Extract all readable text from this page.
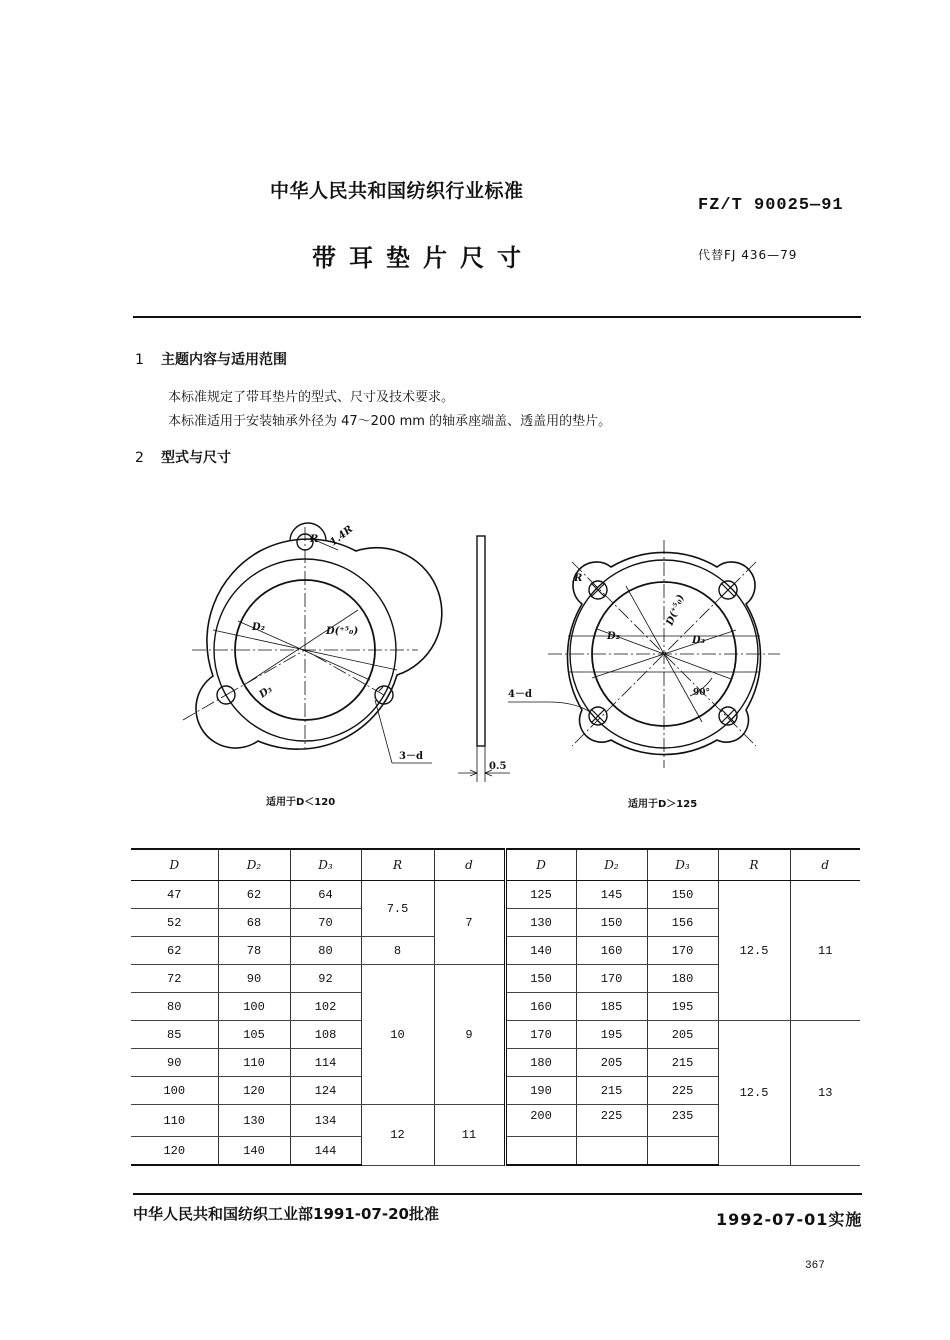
中华人民共和国纺织行业标准
FZ/T 90025—91
带耳垫片尺寸	代替FJ 436—79
1 主题内容与适用范围
本标准规定了带耳垫片的型式、尺寸及技术要求。
本标准适用于安装轴承外径为 47～200 mm 的轴承座端盖、透盖用的垫片。
2 型式与尺寸
R 1.4R
D₂	D(⁺⁵₀)
D₃
3－d
0.5
R
D(⁺⁵₀)
D₂	D₃
4－d	90°
适用于D＜120	适用于D＞125
D	D₂	D₃	R	d	D	D₂	D₃	R	d
47	62	64	7.5	7	125	145	150	12.5	11
52	68	70			130	150	156		
62	78	80	8		140	160	170		
72	90	92	10	9	150	170	180		
80	100	102			160	185	195		
85	105	108			170	195	205	12.5	13
90	110	114			180	205	215		
100	120	124			190	215	225		
110	130	134	12	11	200	225	235		
120	140	144							
中华人民共和国纺织工业部1991-07-20批准	1992-07-01实施
367
